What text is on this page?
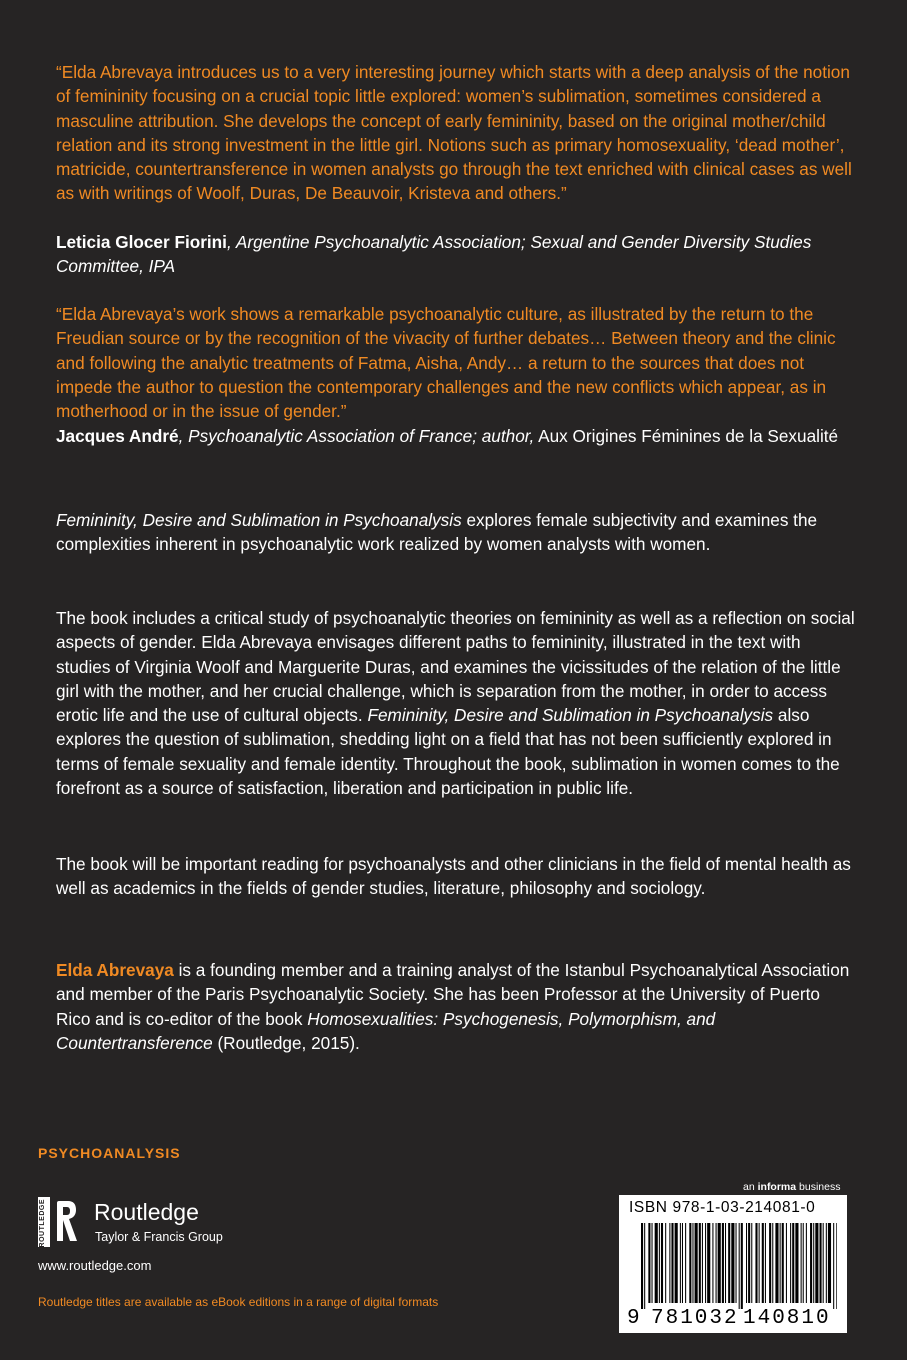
“Elda Abrevaya introduces us to a very interesting journey which starts with a deep analysis of the notion of femininity focusing on a crucial topic little explored: women’s sublimation, sometimes considered a masculine attribution. She develops the concept of early femininity, based on the original mother/child relation and its strong investment in the little girl. Notions such as primary homosexuality, ‘dead mother’, matricide, countertransference in women analysts go through the text enriched with clinical cases as well as with writings of Woolf, Duras, De Beauvoir, Kristeva and others.”
Leticia Glocer Fiorini, Argentine Psychoanalytic Association; Sexual and Gender Diversity Studies Committee, IPA
“Elda Abrevaya’s work shows a remarkable psychoanalytic culture, as illustrated by the return to the Freudian source or by the recognition of the vivacity of further debates… Between theory and the clinic and following the analytic treatments of Fatma, Aisha, Andy… a return to the sources that does not impede the author to question the contemporary challenges and the new conflicts which appear, as in motherhood or in the issue of gender.”
Jacques André, Psychoanalytic Association of France; author, Aux Origines Féminines de la Sexualité
Femininity, Desire and Sublimation in Psychoanalysis explores female subjectivity and examines the complexities inherent in psychoanalytic work realized by women analysts with women.
The book includes a critical study of psychoanalytic theories on femininity as well as a reflection on social aspects of gender. Elda Abrevaya envisages different paths to femininity, illustrated in the text with studies of Virginia Woolf and Marguerite Duras, and examines the vicissitudes of the relation of the little girl with the mother, and her crucial challenge, which is separation from the mother, in order to access erotic life and the use of cultural objects. Femininity, Desire and Sublimation in Psychoanalysis also explores the question of sublimation, shedding light on a field that has not been sufficiently explored in terms of female sexuality and female identity. Throughout the book, sublimation in women comes to the forefront as a source of satisfaction, liberation and participation in public life.
The book will be important reading for psychoanalysts and other clinicians in the field of mental health as well as academics in the fields of gender studies, literature, philosophy and sociology.
Elda Abrevaya is a founding member and a training analyst of the Istanbul Psychoanalytical Association and member of the Paris Psychoanalytic Society. She has been Professor at the University of Puerto Rico and is co-editor of the book Homosexualities: Psychogenesis, Polymorphism, and Countertransference (Routledge, 2015).
PSYCHOANALYSIS
ROUTLEDGE Routledge
Taylor & Francis Group
www.routledge.com
Routledge titles are available as eBook editions in a range of digital formats
an informa business
ISBN 978-1-03-214081-0
9 781032 140810
